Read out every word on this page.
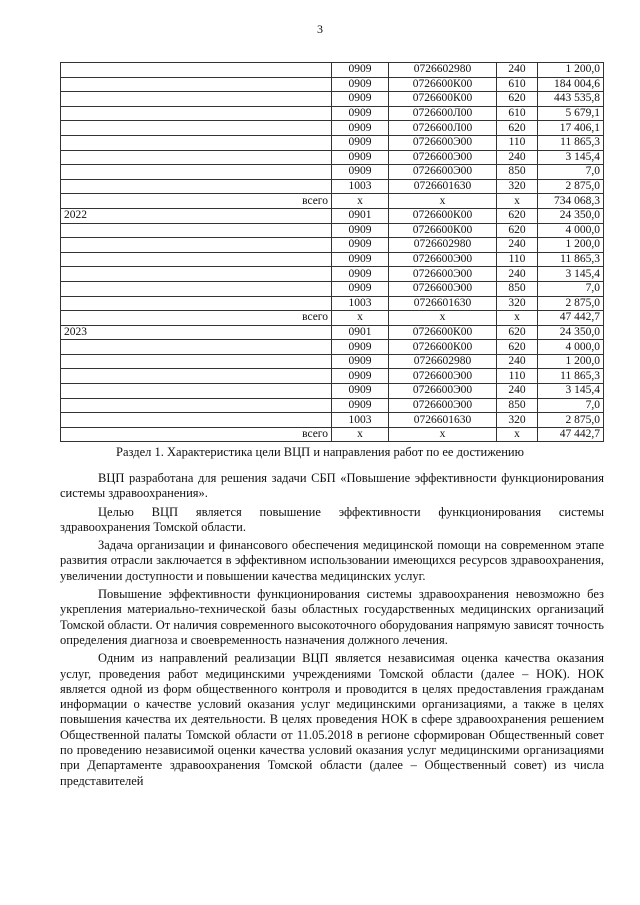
3
	0909	0726602980	240	1 200,0
	0909	0726600К00	610	184 004,6
	0909	0726600К00	620	443 535,8
	0909	0726600Л00	610	5 679,1
	0909	0726600Л00	620	17 406,1
	0909	0726600Э00	110	11 865,3
	0909	0726600Э00	240	3 145,4
	0909	0726600Э00	850	7,0
	1003	0726601630	320	2 875,0
всего	х	х	х	734 068,3
2022	0901	0726600К00	620	24 350,0
	0909	0726600К00	620	4 000,0
	0909	0726602980	240	1 200,0
	0909	0726600Э00	110	11 865,3
	0909	0726600Э00	240	3 145,4
	0909	0726600Э00	850	7,0
	1003	0726601630	320	2 875,0
всего	х	х	х	47 442,7
2023	0901	0726600К00	620	24 350,0
	0909	0726600К00	620	4 000,0
	0909	0726602980	240	1 200,0
	0909	0726600Э00	110	11 865,3
	0909	0726600Э00	240	3 145,4
	0909	0726600Э00	850	7,0
	1003	0726601630	320	2 875,0
всего	х	х	х	47 442,7
Раздел 1. Характеристика цели ВЦП и направления работ по ее достижению

ВЦП разработана для решения задачи СБП «Повышение эффективности функционирования системы здравоохранения».

Целью ВЦП является повышение эффективности функционирования системы здравоохранения Томской области.

Задача организации и финансового обеспечения медицинской помощи на современном этапе развития отрасли заключается в эффективном использовании имеющихся ресурсов здравоохранения, увеличении доступности и повышении качества медицинских услуг.

Повышение эффективности функционирования системы здравоохранения невозможно без укрепления материально-технической базы областных государственных медицинских организаций Томской области. От наличия современного высокоточного оборудования напрямую зависят точность определения диагноза и своевременность назначения должного лечения.

Одним из направлений реализации ВЦП является независимая оценка качества оказания услуг, проведения работ медицинскими учреждениями Томской области (далее – НОК). НОК является одной из форм общественного контроля и проводится в целях предоставления гражданам информации о качестве условий оказания услуг медицинскими организациями, а также в целях повышения качества их деятельности. В целях проведения НОК в сфере здравоохранения решением Общественной палаты Томской области от 11.05.2018 в регионе сформирован Общественный совет по проведению независимой оценки качества условий оказания услуг медицинскими организациями при Департаменте здравоохранения Томской области (далее – Общественный совет) из числа представителей
